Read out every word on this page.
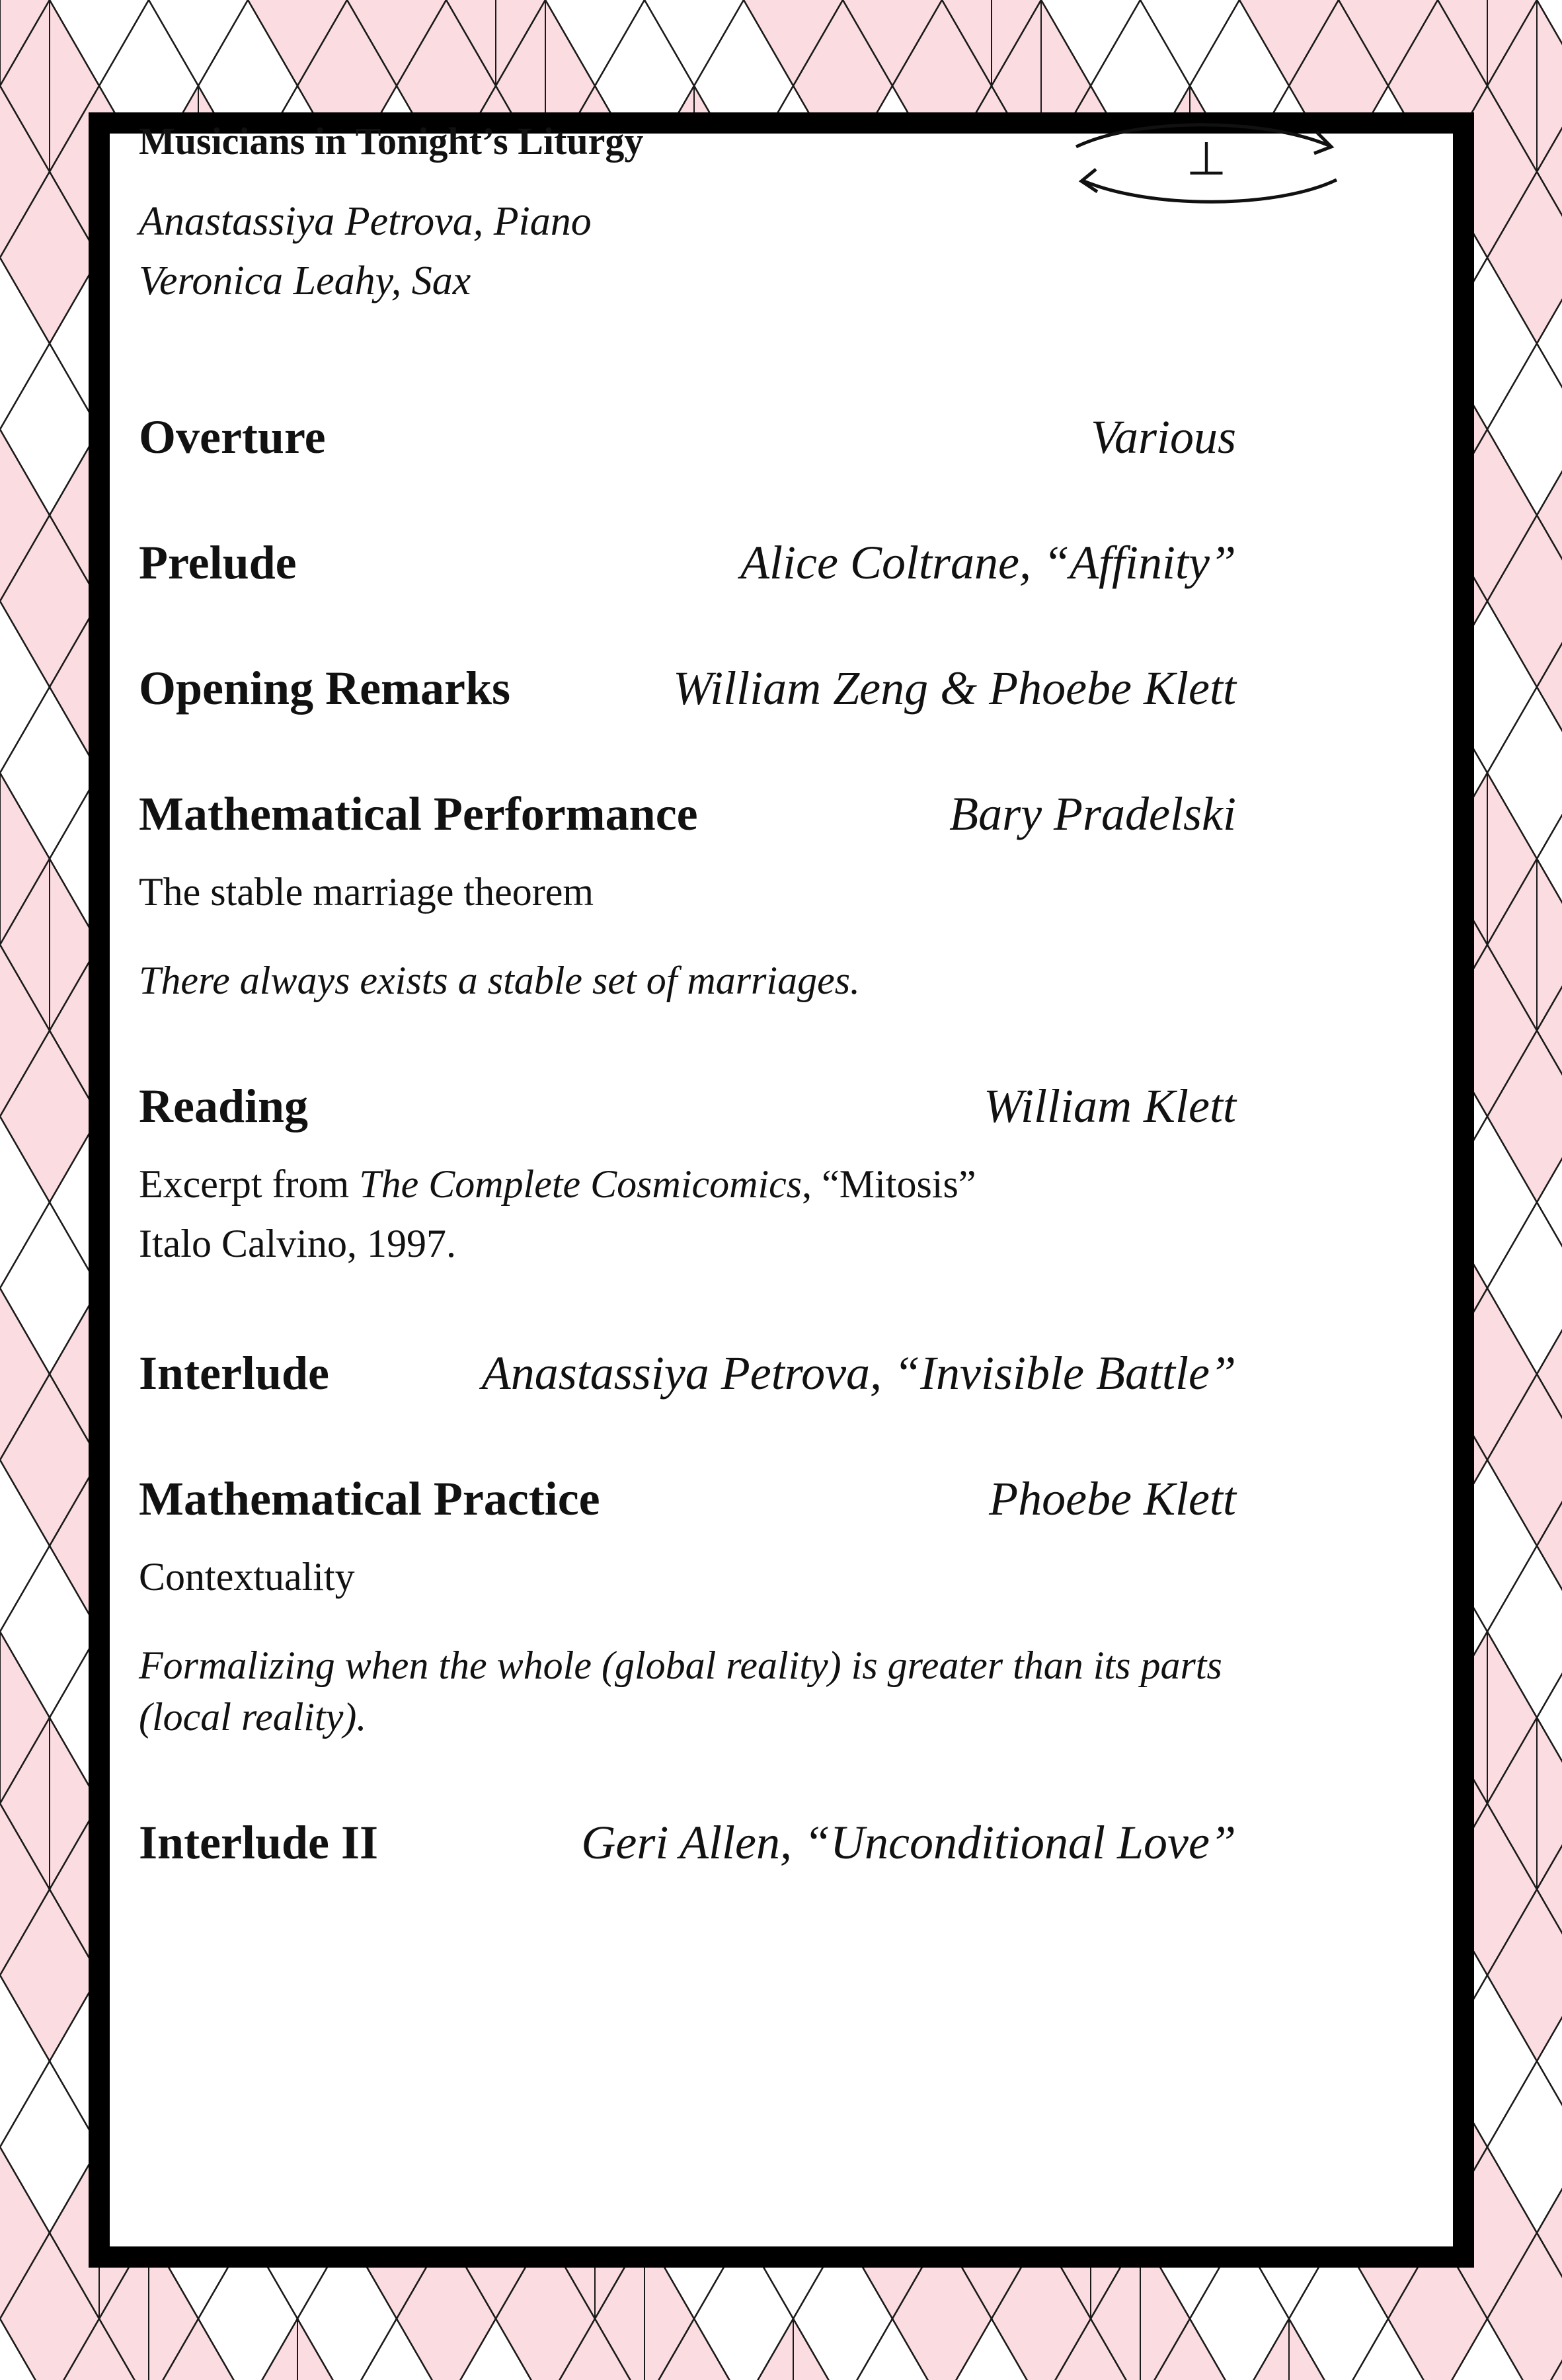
⊥

Musicians in Tonight’s Liturgy

Anastassiya Petrova, Piano

Veronica Leahy, Sax

Overture	Various
Prelude	Alice Coltrane, “Affinity”
Opening Remarks	William Zeng & Phoebe Klett
Mathematical Performance	Bary Pradelski

The stable marriage theorem

There always exists a stable set of marriages.

Reading	William Klett

Excerpt from The Complete Cosmicomics, “Mitosis”

Italo Calvino, 1997.

Interlude	Anastassiya Petrova, “Invisible Battle”
Mathematical Practice	Phoebe Klett

Contextuality

Formalizing when the whole (global reality) is greater than its parts (local reality).

Interlude II	Geri Allen, “Unconditional Love”
